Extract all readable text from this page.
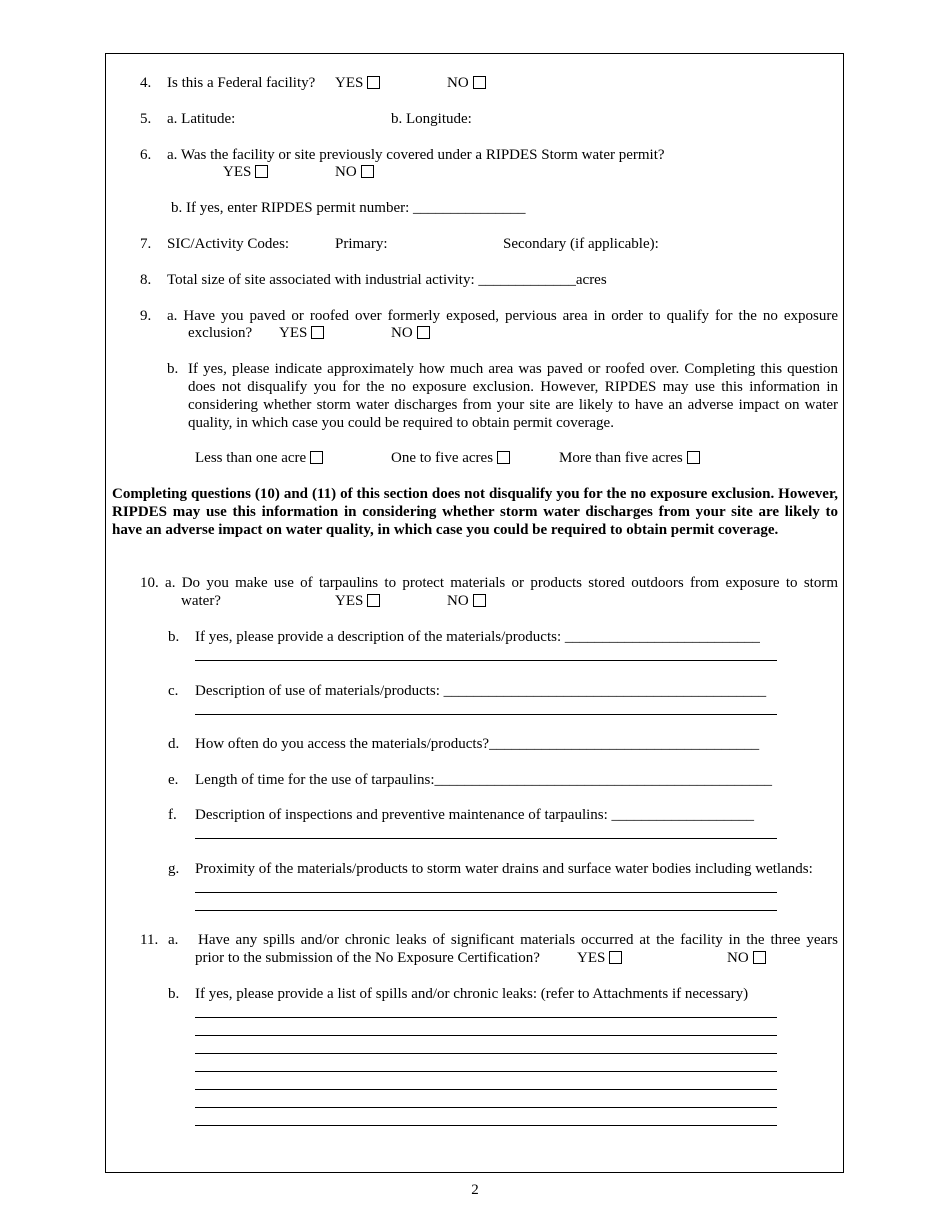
4. Is this a Federal facility? YES	NO
5. a. Latitude:	b. Longitude:
6. a. Was the facility or site previously covered under a RIPDES Storm water permit?
YES	NO
b. If yes, enter RIPDES permit number: _______________
7. SIC/Activity Codes:	Primary:	Secondary (if applicable):
8. Total size of site associated with industrial activity: _____________acres
9. a. Have you paved or roofed over formerly exposed, pervious area in order to qualify for the no exposure
exclusion? YES	NO
b. If yes, please indicate approximately how much area was paved or roofed over. Completing this question does not disqualify you for the no exposure exclusion. However, RIPDES may use this information in considering whether storm water discharges from your site are likely to have an adverse impact on water quality, in which case you could be required to obtain permit coverage.
Less than one acre	One to five acres	More than five acres
Completing questions (10) and (11) of this section does not disqualify you for the no exposure exclusion. However, RIPDES may use this information in considering whether storm water discharges from your site are likely to have an adverse impact on water quality, in which case you could be required to obtain permit coverage.
10. a. Do you make use of tarpaulins to protect materials or products stored outdoors from exposure to storm
water?	YES	NO
b. If yes, please provide a description of the materials/products: __________________________
c. Description of use of materials/products: ___________________________________________
d. How often do you access the materials/products?____________________________________
e. Length of time for the use of tarpaulins:_____________________________________________
f. Description of inspections and preventive maintenance of tarpaulins: ___________________
g. Proximity of the materials/products to storm water drains and surface water bodies including wetlands:
11. a. Have any spills and/or chronic leaks of significant materials occurred at the facility in the three years
prior to the submission of the No Exposure Certification? YES	NO
b. If yes, please provide a list of spills and/or chronic leaks: (refer to Attachments if necessary)
2
